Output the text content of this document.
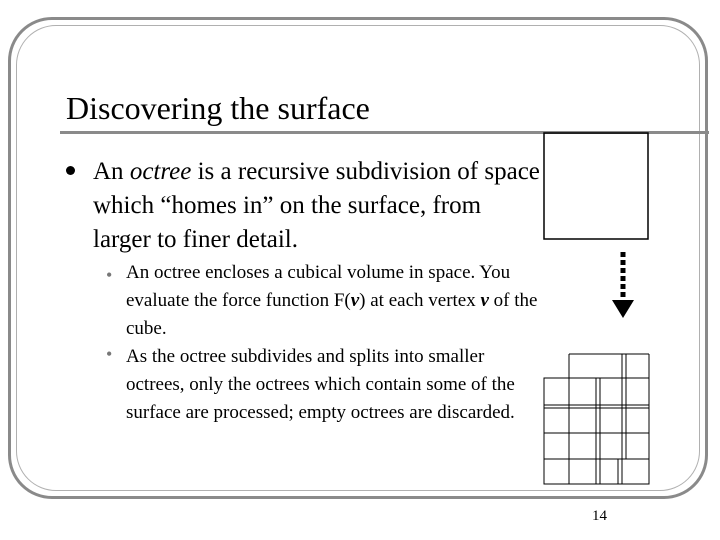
Discovering the surface
An octree is a recursive subdivision of space which “homes in” on the surface, from larger to finer detail.
• An octree encloses a cubical volume in space. You evaluate the force function F(v) at each vertex v of the cube.
• As the octree subdivides and splits into smaller octrees, only the octrees which contain some of the surface are processed; empty octrees are discarded.
14
